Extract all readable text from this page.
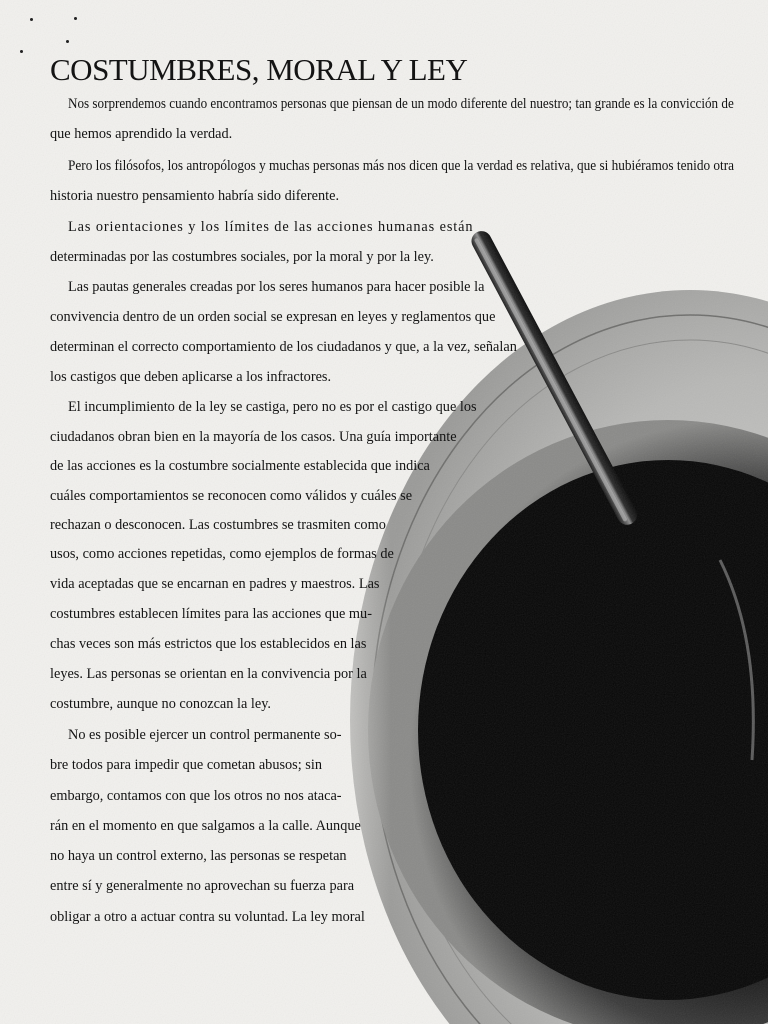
COSTUMBRES, MORAL Y LEY
Nos sorprendemos cuando encontramos personas que piensan de un modo diferente del nuestro; tan grande es la convicción de
que hemos aprendido la verdad.
Pero los filósofos, los antropólogos y muchas personas más nos dicen que la verdad es relativa, que si hubiéramos tenido otra
historia nuestro pensamiento habría sido diferente.
Las orientaciones y los límites de las acciones humanas están
determinadas por las costumbres sociales, por la moral y por la ley.
Las pautas generales creadas por los seres humanos para hacer posible la
convivencia dentro de un orden social se expresan en leyes y reglamentos que
determinan el correcto comportamiento de los ciudadanos y que, a la vez, señalan
los castigos que deben aplicarse a los infractores.
El incumplimiento de la ley se castiga, pero no es por el castigo que los
ciudadanos obran bien en la mayoría de los casos. Una guía importante
de las acciones es la costumbre socialmente establecida que indica
cuáles comportamientos se reconocen como válidos y cuáles se
rechazan o desconocen. Las costumbres se trasmiten como
usos, como acciones repetidas, como ejemplos de formas de
vida aceptadas que se encarnan en padres y maestros. Las
costumbres establecen límites para las acciones que mu-
chas veces son más estrictos que los establecidos en las
leyes. Las personas se orientan en la convivencia por la
costumbre, aunque no conozcan la ley.
No es posible ejercer un control permanente so-
bre todos para impedir que cometan abusos; sin
embargo, contamos con que los otros no nos ataca-
rán en el momento en que salgamos a la calle. Aunque
no haya un control externo, las personas se respetan
entre sí y generalmente no aprovechan su fuerza para
obligar a otro a actuar contra su voluntad. La ley moral
